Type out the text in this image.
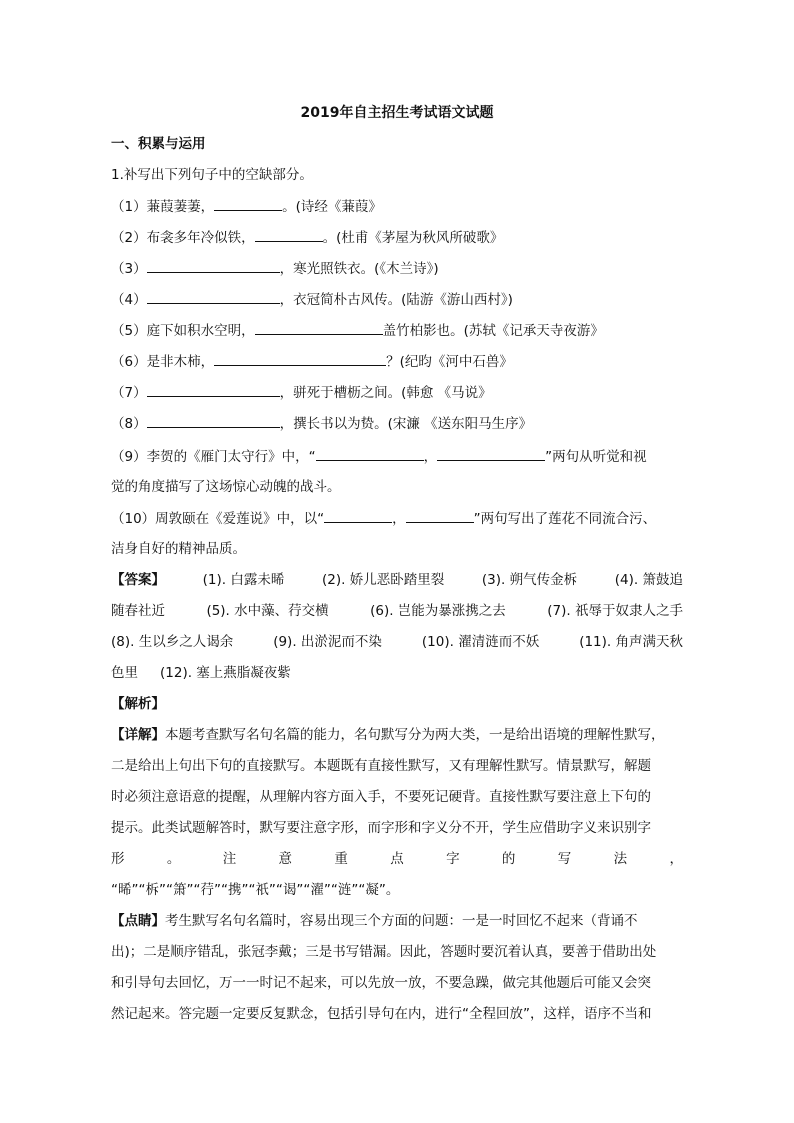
2019年自主招生考试语文试题
一、积累与运用
1.补写出下列句子中的空缺部分。
（1）蒹葭萋萋，	。(诗经《蒹葭》
（2）布衾多年冷似铁，	。(杜甫《茅屋为秋风所破歌》
（3）	，寒光照铁衣。(《木兰诗》)
（4）	，衣冠简朴古风传。(陆游《游山西村》)
（5）庭下如积水空明，	盖竹柏影也。(苏轼《记承天寺夜游》
（6）是非木柿，	？(纪昀《河中石兽》
（7）	，骈死于槽枥之间。(韩愈 《马说》
（8）	，撰长书以为贽。(宋濂 《送东阳马生序》
（9）李贺的《雁门太守行》中，“	，	”两句从听觉和视
觉的角度描写了这场惊心动魄的战斗。
（10）周敦颐在《爱莲说》中，以“	，	”两句写出了莲花不同流合污、
洁身自好的精神品质。
【答案】	(1). 白露未晞	(2). 娇儿恶卧踏里裂	(3). 朔气传金柝	(4). 箫鼓追
随春社近	(5). 水中藻、荇交横	(6). 岂能为暴涨携之去	(7). 祇辱于奴隶人之手
(8). 生以乡之人谒余	(9). 出淤泥而不染	(10). 濯清涟而不妖	(11). 角声满天秋
色里 (12). 塞上燕脂凝夜紫
【解析】
【详解】本题考查默写名句名篇的能力，名句默写分为两大类，一是给出语境的理解性默写，
二是给出上句出下句的直接默写。本题既有直接性默写，又有理解性默写。情景默写，解题
时必须注意语意的提醒，从理解内容方面入手，不要死记硬背。直接性默写要注意上下句的
提示。此类试题解答时，默写要注意字形，而字形和字义分不开，学生应借助字义来识别字
形	。	注	意	重	点	字	的	写	法	，
“晞”“柝”“箫”“荇”“携”“祇”“谒”“濯”“涟”“凝”。
【点睛】考生默写名句名篇时，容易出现三个方面的问题：一是一时回忆不起来（背诵不
出)；二是顺序错乱，张冠李戴；三是书写错漏。因此，答题时要沉着认真，要善于借助出处
和引导句去回忆，万一一时记不起来，可以先放一放，不要急躁，做完其他题后可能又会突
然记起来。答完题一定要反复默念，包括引导句在内，进行“全程回放”，这样，语序不当和
